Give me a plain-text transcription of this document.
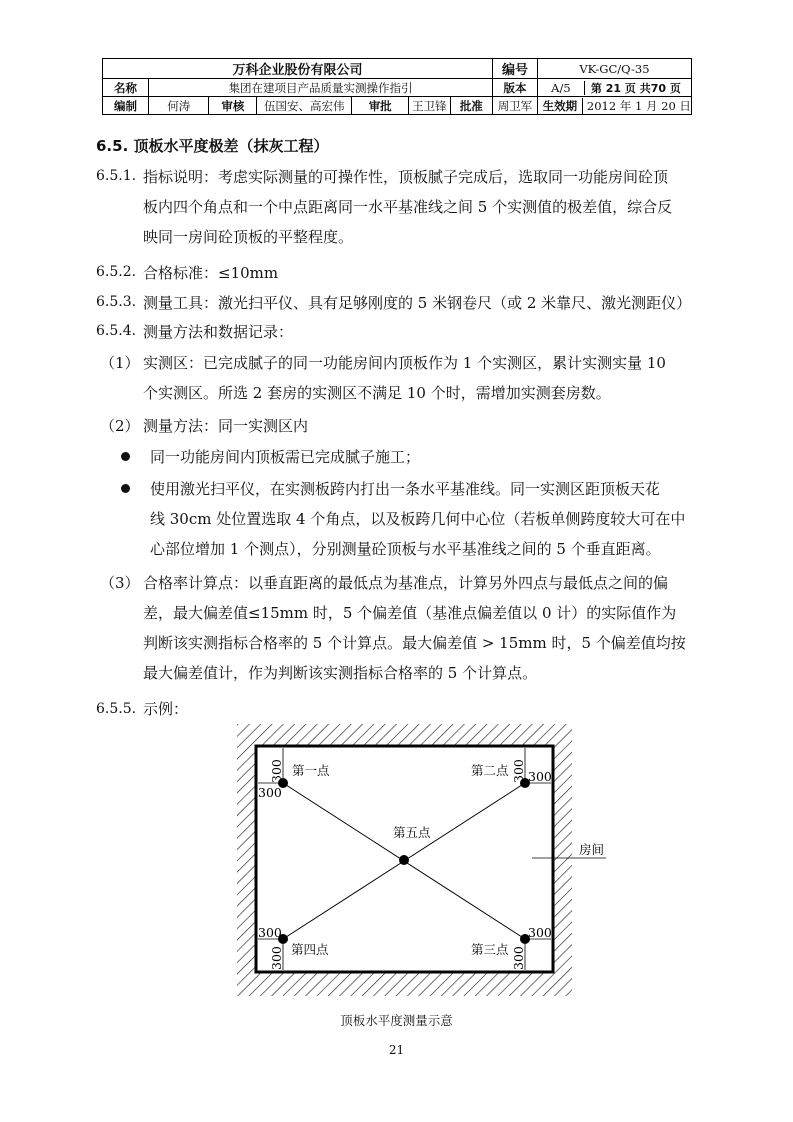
万科企业股份有限公司							编号	VK-GC/Q-35
名称	集团在建项目产品质量实测操作指引						版本	A/5 第 21 页 共70 页
编制	何涛	审核	伍国安、高宏伟	审批	王卫锋	批准	周卫军	生效期 2012 年 1 月 20 日
6.5. 顶板水平度极差（抹灰工程）
6.5.1. 指标说明：考虑实际测量的可操作性，顶板腻子完成后，选取同一功能房间砼顶
板内四个角点和一个中点距离同一水平基准线之间 5 个实测值的极差值，综合反
映同一房间砼顶板的平整程度。
6.5.2. 合格标准：≤10mm
6.5.3. 测量工具：激光扫平仪、具有足够刚度的 5 米钢卷尺（或 2 米靠尺、激光测距仪）
6.5.4. 测量方法和数据记录：
（1） 实测区：已完成腻子的同一功能房间内顶板作为 1 个实测区，累计实测实量 10
个实测区。所选 2 套房的实测区不满足 10 个时，需增加实测套房数。
（2） 测量方法：同一实测区内
同一功能房间内顶板需已完成腻子施工；
使用激光扫平仪，在实测板跨内打出一条水平基准线。同一实测区距顶板天花
线 30cm 处位置选取 4 个角点，以及板跨几何中心位（若板单侧跨度较大可在中
心部位增加 1 个测点），分别测量砼顶板与水平基准线之间的 5 个垂直距离。
（3） 合格率计算点：以垂直距离的最低点为基准点，计算另外四点与最低点之间的偏
差，最大偏差值≤15mm 时，5 个偏差值（基准点偏差值以 0 计）的实际值作为
判断该实测指标合格率的 5 个计算点。最大偏差值 > 15mm 时，5 个偏差值均按
最大偏差值计，作为判断该实测指标合格率的 5 个计算点。
6.5.5. 示例：
第一点	第二点
第三点
第四点
第五点
房间
300
300
300 300
300
300
300
300
顶板水平度测量示意
21
